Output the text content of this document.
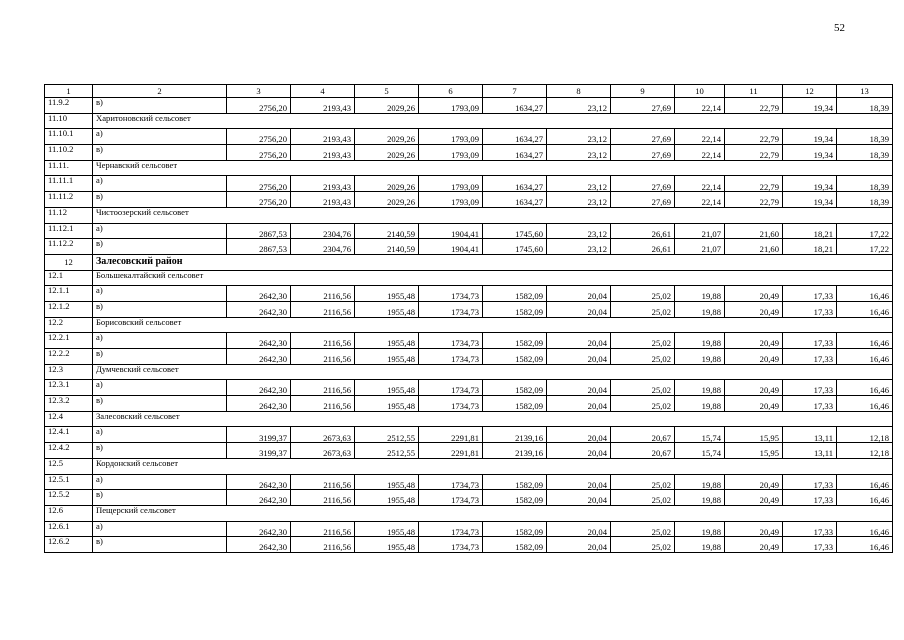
52
1	2	3	4	5	6	7	8	9	10	11	12	13
11.9.2	в)	2756,20	2193,43	2029,26	1793,09	1634,27	23,12	27,69	22,14	22,79	19,34	18,39
11.10	Харитоновский сельсовет											
11.10.1	а)	2756,20	2193,43	2029,26	1793,09	1634,27	23,12	27,69	22,14	22,79	19,34	18,39
11.10.2	в)	2756,20	2193,43	2029,26	1793,09	1634,27	23,12	27,69	22,14	22,79	19,34	18,39
11.11.	Чернавский сельсовет											
11.11.1	а)	2756,20	2193,43	2029,26	1793,09	1634,27	23,12	27,69	22,14	22,79	19,34	18,39
11.11.2	в)	2756,20	2193,43	2029,26	1793,09	1634,27	23,12	27,69	22,14	22,79	19,34	18,39
11.12	Чистоозерский сельсовет											
11.12.1	а)	2867,53	2304,76	2140,59	1904,41	1745,60	23,12	26,61	21,07	21,60	18,21	17,22
11.12.2	в)	2867,53	2304,76	2140,59	1904,41	1745,60	23,12	26,61	21,07	21,60	18,21	17,22
12	Залесовский район											
12.1	Большекалтайский сельсовет											
12.1.1	а)	2642,30	2116,56	1955,48	1734,73	1582,09	20,04	25,02	19,88	20,49	17,33	16,46
12.1.2	в)	2642,30	2116,56	1955,48	1734,73	1582,09	20,04	25,02	19,88	20,49	17,33	16,46
12.2	Борисовский сельсовет											
12.2.1	а)	2642,30	2116,56	1955,48	1734,73	1582,09	20,04	25,02	19,88	20,49	17,33	16,46
12.2.2	в)	2642,30	2116,56	1955,48	1734,73	1582,09	20,04	25,02	19,88	20,49	17,33	16,46
12.3	Думчевский сельсовет											
12.3.1	а)	2642,30	2116,56	1955,48	1734,73	1582,09	20,04	25,02	19,88	20,49	17,33	16,46
12.3.2	в)	2642,30	2116,56	1955,48	1734,73	1582,09	20,04	25,02	19,88	20,49	17,33	16,46
12.4	Залесовский сельсовет											
12.4.1	а)	3199,37	2673,63	2512,55	2291,81	2139,16	20,04	20,67	15,74	15,95	13,11	12,18
12.4.2	в)	3199,37	2673,63	2512,55	2291,81	2139,16	20,04	20,67	15,74	15,95	13,11	12,18
12.5	Кордонский сельсовет											
12.5.1	а)	2642,30	2116,56	1955,48	1734,73	1582,09	20,04	25,02	19,88	20,49	17,33	16,46
12.5.2	в)	2642,30	2116,56	1955,48	1734,73	1582,09	20,04	25,02	19,88	20,49	17,33	16,46
12.6	Пещерский сельсовет											
12.6.1	а)	2642,30	2116,56	1955,48	1734,73	1582,09	20,04	25,02	19,88	20,49	17,33	16,46
12.6.2	в)	2642,30	2116,56	1955,48	1734,73	1582,09	20,04	25,02	19,88	20,49	17,33	16,46
